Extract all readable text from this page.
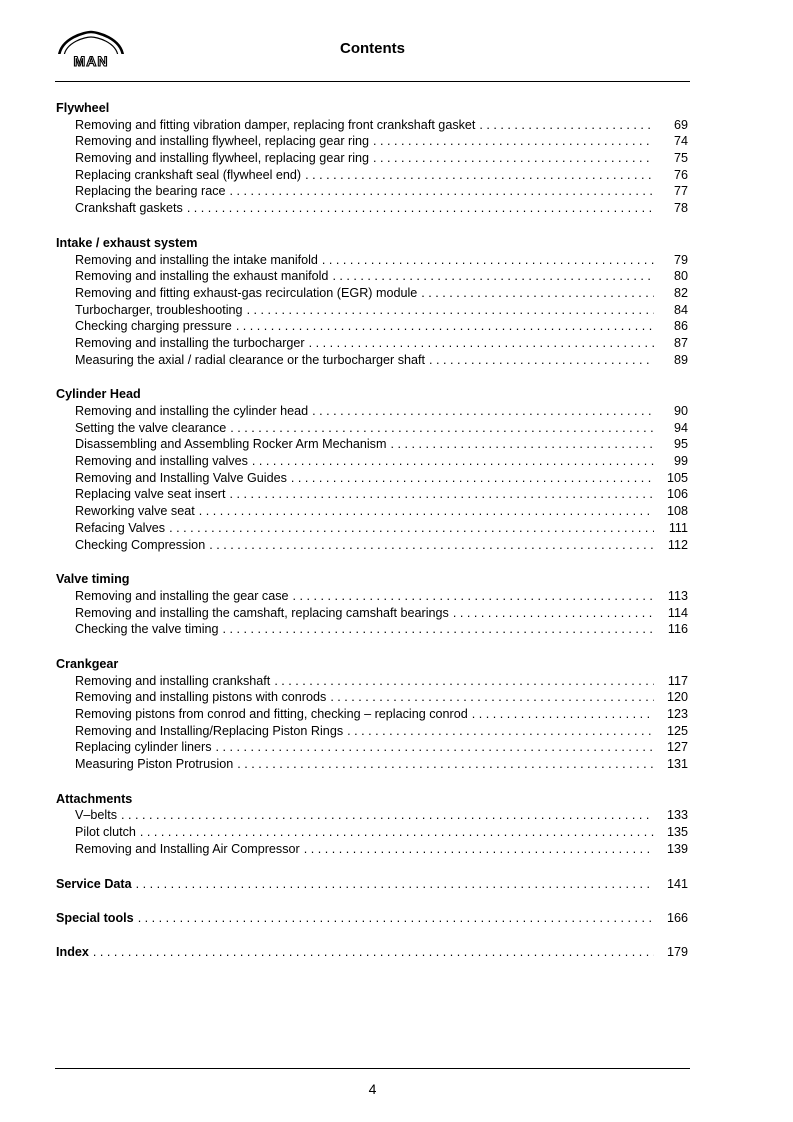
MAN
Contents
Flywheel
Removing and fitting vibration damper, replacing front crankshaft gasket . . .	69
Removing and installing flywheel, replacing gear ring . . .	74
Removing and installing flywheel, replacing gear ring . . .	75
Replacing crankshaft seal (flywheel end) . . .	76
Replacing the bearing race . . .	77
Crankshaft gaskets . . .	78
Intake / exhaust system
Removing and installing the intake manifold . . .	79
Removing and installing the exhaust manifold . . .	80
Removing and fitting exhaust-gas recirculation (EGR) module . . .	82
Turbocharger, troubleshooting . . .	84
Checking charging pressure . . .	86
Removing and installing the turbocharger . . .	87
Measuring the axial / radial clearance or the turbocharger shaft . . .	89
Cylinder Head
Removing and installing the cylinder head . . .	90
Setting the valve clearance . . .	94
Disassembling and Assembling Rocker Arm Mechanism . . .	95
Removing and installing valves . . .	99
Removing and Installing Valve Guides . . .	105
Replacing valve seat insert . . .	106
Reworking valve seat . . .	108
Refacing Valves . . .	111
Checking Compression . . .	112
Valve timing
Removing and installing the gear case . . .	113
Removing and installing the camshaft, replacing camshaft bearings . . .	114
Checking the valve timing . . .	116
Crankgear
Removing and installing crankshaft . . .	117
Removing and installing pistons with conrods . . .	120
Removing pistons from conrod and fitting, checking – replacing conrod . . .	123
Removing and Installing/Replacing Piston Rings . . .	125
Replacing cylinder liners . . .	127
Measuring Piston Protrusion . . .	131
Attachments
V–belts . . .	133
Pilot clutch . . .	135
Removing and Installing Air Compressor . . .	139
Service Data . . .	141
Special tools . . .	166
Index . . .	179
4
